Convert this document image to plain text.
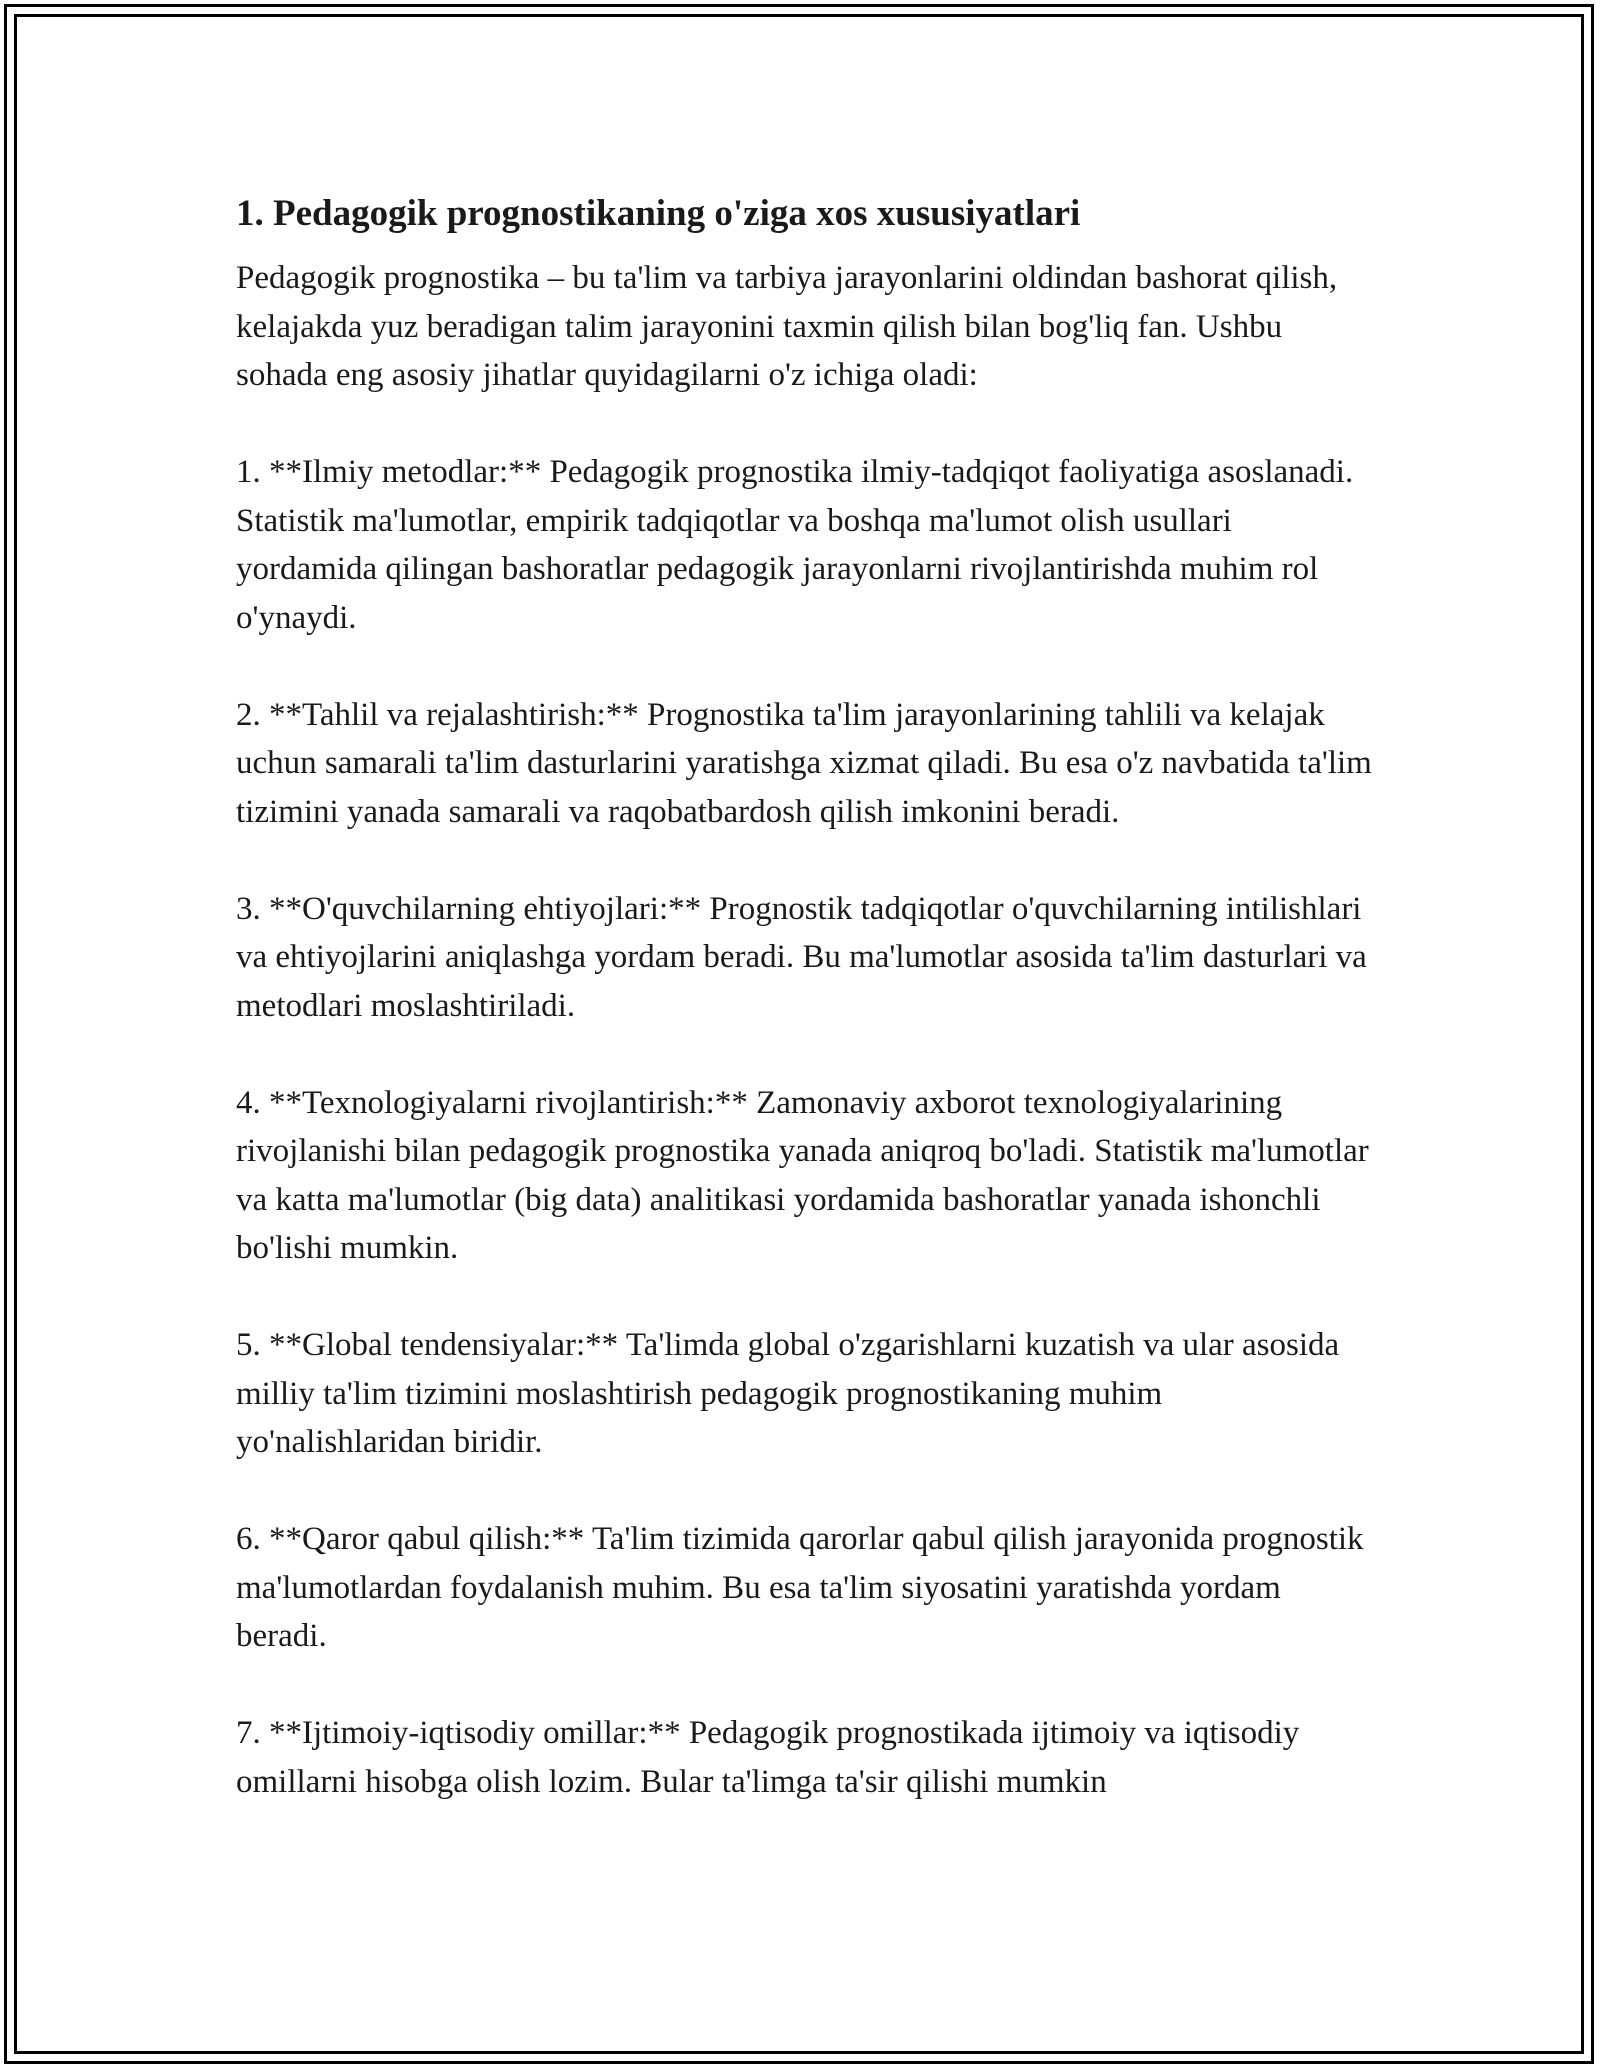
1. Pedagogik prognostikaning o'ziga xos xususiyatlari

Pedagogik prognostika – bu ta'lim va tarbiya jarayonlarini oldindan bashorat qilish, kelajakda yuz beradigan talim jarayonini taxmin qilish bilan bog'liq fan. Ushbu sohada eng asosiy jihatlar quyidagilarni o'z ichiga oladi:

1. **Ilmiy metodlar:** Pedagogik prognostika ilmiy-tadqiqot faoliyatiga asoslanadi. Statistik ma'lumotlar, empirik tadqiqotlar va boshqa ma'lumot olish usullari yordamida qilingan bashoratlar pedagogik jarayonlarni rivojlantirishda muhim rol o'ynaydi.

2. **Tahlil va rejalashtirish:** Prognostika ta'lim jarayonlarining tahlili va kelajak uchun samarali ta'lim dasturlarini yaratishga xizmat qiladi. Bu esa o'z navbatida ta'lim tizimini yanada samarali va raqobatbardosh qilish imkonini beradi.

3. **O'quvchilarning ehtiyojlari:** Prognostik tadqiqotlar o'quvchilarning intilishlari va ehtiyojlarini aniqlashga yordam beradi. Bu ma'lumotlar asosida ta'lim dasturlari va metodlari moslashtiriladi.

4. **Texnologiyalarni rivojlantirish:** Zamonaviy axborot texnologiyalarining rivojlanishi bilan pedagogik prognostika yanada aniqroq bo'ladi. Statistik ma'lumotlar va katta ma'lumotlar (big data) analitikasi yordamida bashoratlar yanada ishonchli bo'lishi mumkin.

5. **Global tendensiyalar:** Ta'limda global o'zgarishlarni kuzatish va ular asosida milliy ta'lim tizimini moslashtirish pedagogik prognostikaning muhim yo'nalishlaridan biridir.

6. **Qaror qabul qilish:** Ta'lim tizimida qarorlar qabul qilish jarayonida prognostik ma'lumotlardan foydalanish muhim. Bu esa ta'lim siyosatini yaratishda yordam beradi.

7. **Ijtimoiy-iqtisodiy omillar:** Pedagogik prognostikada ijtimoiy va iqtisodiy omillarni hisobga olish lozim. Bular ta'limga ta'sir qilishi mumkin
